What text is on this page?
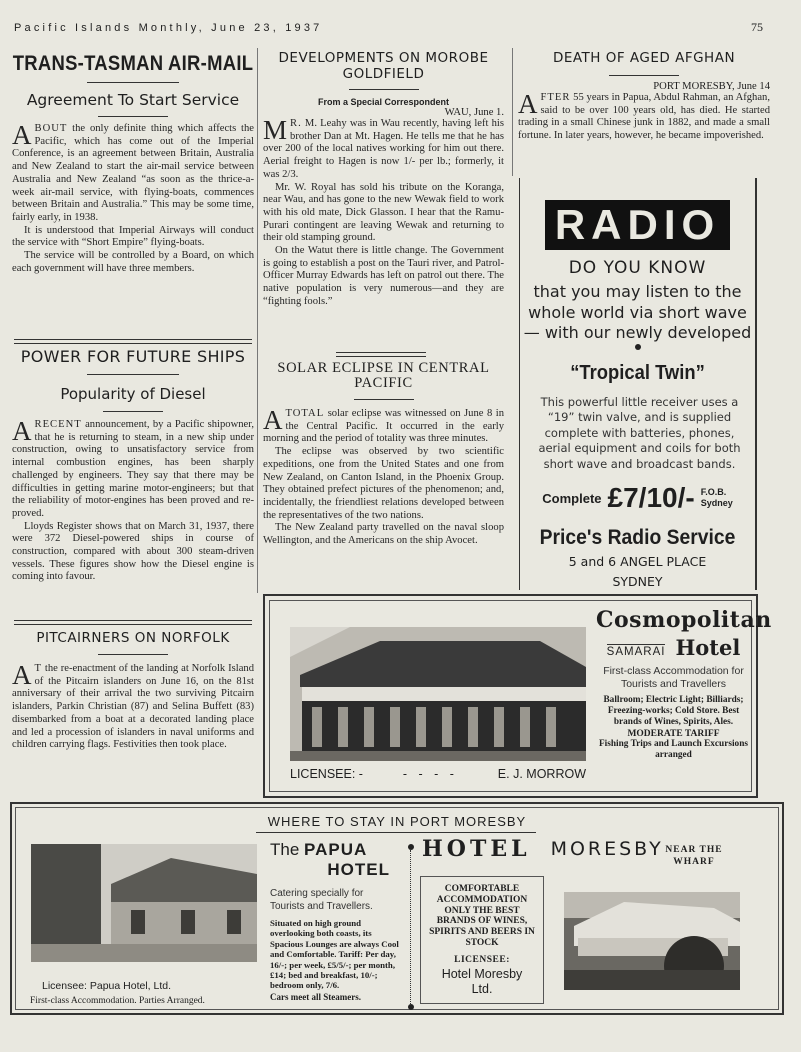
Pacific Islands Monthly, June 23, 1937	75
TRANS-TASMAN AIR-MAIL
Agreement To Start Service

ABOUT the only definite thing which affects the Pacific, which has come out of the Imperial Conference, is an agreement between Britain, Australia and New Zealand to start the air-mail service between Australia and New Zealand “as soon as the thrice-a-week air-mail service, with flying-boats, commences between Britain and Australia.” This may be some time, fairly early, in 1938.

It is understood that Imperial Airways will conduct the service with “Short Empire” flying-boats.

The service will be controlled by a Board, on which each government will have three members.

POWER FOR FUTURE SHIPS
Popularity of Diesel

ARECENT announcement, by a Pacific shipowner, that he is returning to steam, in a new ship under construction, owing to unsatisfactory service from internal combustion engines, has been sharply challenged by engineers. They say that there may be difficulties in getting marine motor-engineers; but that the reliability of motor-engines has been proved and re-proved.

Lloyds Register shows that on March 31, 1937, there were 372 Diesel-powered ships in course of construction, compared with about 300 steam-driven vessels. These figures show how the Diesel engine is coming into favour.

PITCAIRNERS ON NORFOLK

A T the re-enactment of the landing at Norfolk Island of the Pitcairn islanders on June 16, on the 81st anniversary of their arrival the two surviving Pitcairn islanders, Parkin Christian (87) and Selina Buffett (83) disembarked from a boat at a decorated landing place and led a procession of islanders in naval uniforms and children carrying flags. Festivities then took place.

DEVELOPMENTS ON MOROBE GOLDFIELD
From a Special Correspondent
WAU, June 1.

M R. M. Leahy was in Wau recently, having left his brother Dan at Mt. Hagen. He tells me that he has over 200 of the local natives working for him out there. Aerial freight to Hagen is now 1/- per lb.; formerly, it was 2/3.

Mr. W. Royal has sold his tribute on the Koranga, near Wau, and has gone to the new Wewak field to work with his old mate, Dick Glasson. I hear that the Ramu-Purari contingent are leaving Wewak and returning to their old stamping ground.

On the Watut there is little change. The Government is going to establish a post on the Tauri river, and Patrol-Officer Murray Edwards has left on patrol out there. The native population is very numerous—and they are “fighting fools.”

SOLAR ECLIPSE IN CENTRAL PACIFIC

ATOTAL solar eclipse was witnessed on June 8 in the Central Pacific. It occurred in the early morning and the period of totality was three minutes.

The eclipse was observed by two scientific expeditions, one from the United States and one from New Zealand, on Canton Island, in the Phoenix Group. They obtained prefect pictures of the phenomenon; and, incidentally, the friendliest relations developed between the representatives of the two nations.

The New Zealand party travelled on the naval sloop Wellington, and the Americans on the ship Avocet.

DEATH OF AGED AFGHAN
PORT MORESBY, June 14

AFTER 55 years in Papua, Abdul Rahman, an Afghan, said to be over 100 years old, has died. He started trading in a small Chinese junk in 1882, and made a small fortune. In later years, however, he became impoverished.

RADIO
DO YOU KNOW
that you may listen to the whole world via short wave — with our newly developed
“Tropical Twin”
This powerful little receiver uses a “19” twin valve, and is supplied complete with batteries, phones, aerial equipment and coils for both short wave and broadcast bands.
Complete £7/10/- F.O.B.
Sydney
Price's Radio Service
5 and 6 ANGEL PLACE
SYDNEY
LICENSEE: -	- - - -	E. J. MORROW
Cosmopolitan
SAMARAI Hotel
First-class Accommodation for Tourists and Travellers
Ballroom; Electric Light; Billiards; Freezing-works; Cold Store. Best brands of Wines, Spirits, Ales.
MODERATE TARIFF
Fishing Trips and Launch Excursions arranged
WHERE TO STAY IN PORT MORESBY
Licensee: Papua Hotel, Ltd.
First-class Accommodation. Parties Arranged.
The PAPUA
HOTEL
Catering specially for Tourists and Travellers.
Situated on high ground overlooking both coasts, its Spacious Lounges are always Cool and Comfortable. Tariff: Per day, 16/-; per week, £5/5/-; per month, £14; bed and breakfast, 10/-; bedroom only, 7/6.
Cars meet all Steamers.
HOTEL MORESBY NEAR THE WHARF
COMFORTABLE ACCOMMODATION ONLY THE BEST BRANDS OF WINES, SPIRITS AND BEERS IN STOCK
LICENSEE:
Hotel Moresby Ltd.
